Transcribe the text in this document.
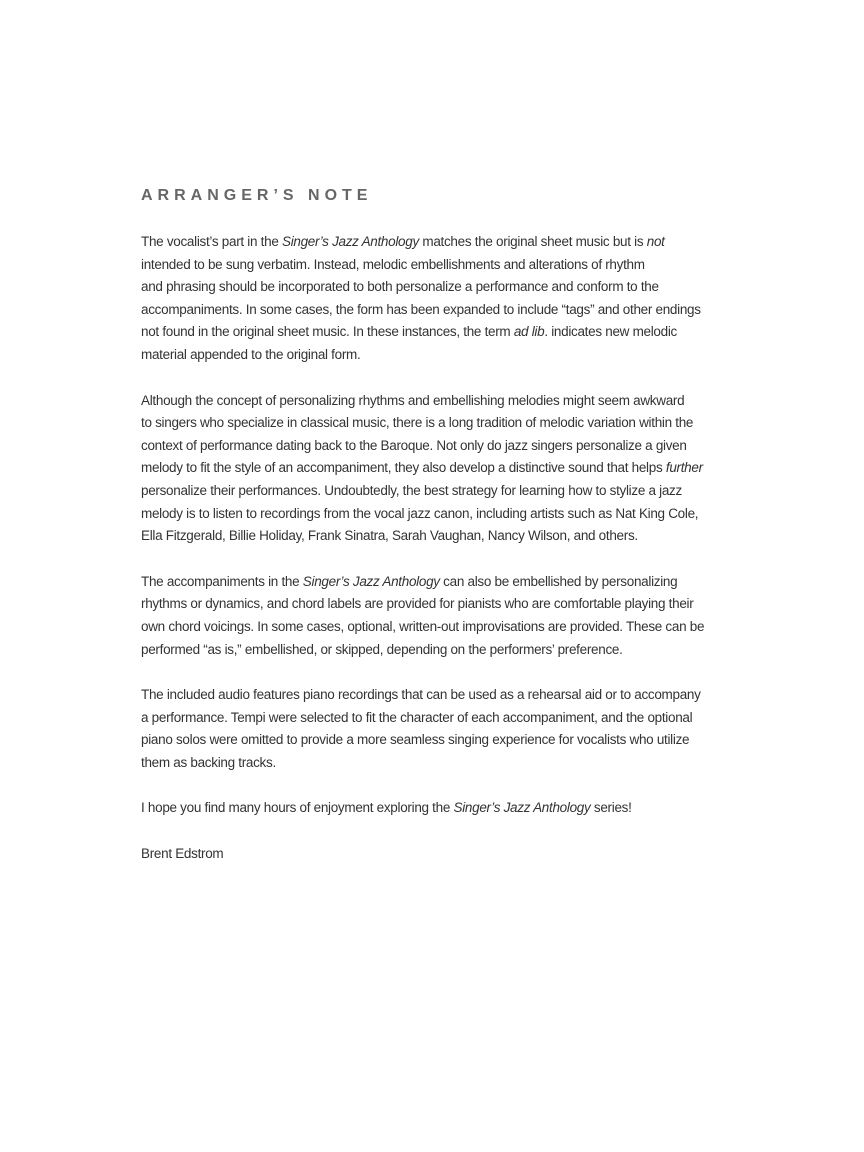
ARRANGER’S NOTE

The vocalist’s part in the Singer’s Jazz Anthology matches the original sheet music but is not
intended to be sung verbatim. Instead, melodic embellishments and alterations of rhythm
and phrasing should be incorporated to both personalize a performance and conform to the
accompaniments. In some cases, the form has been expanded to include “tags” and other endings
not found in the original sheet music. In these instances, the term ad lib. indicates new melodic
material appended to the original form.

Although the concept of personalizing rhythms and embellishing melodies might seem awkward
to singers who specialize in classical music, there is a long tradition of melodic variation within the
context of performance dating back to the Baroque. Not only do jazz singers personalize a given
melody to fit the style of an accompaniment, they also develop a distinctive sound that helps further
personalize their performances. Undoubtedly, the best strategy for learning how to stylize a jazz
melody is to listen to recordings from the vocal jazz canon, including artists such as Nat King Cole,
Ella Fitzgerald, Billie Holiday, Frank Sinatra, Sarah Vaughan, Nancy Wilson, and others.

The accompaniments in the Singer’s Jazz Anthology can also be embellished by personalizing
rhythms or dynamics, and chord labels are provided for pianists who are comfortable playing their
own chord voicings. In some cases, optional, written-out improvisations are provided. These can be
performed “as is,” embellished, or skipped, depending on the performers’ preference.

The included audio features piano recordings that can be used as a rehearsal aid or to accompany
a performance. Tempi were selected to fit the character of each accompaniment, and the optional
piano solos were omitted to provide a more seamless singing experience for vocalists who utilize
them as backing tracks.

I hope you find many hours of enjoyment exploring the Singer’s Jazz Anthology series!

Brent Edstrom
